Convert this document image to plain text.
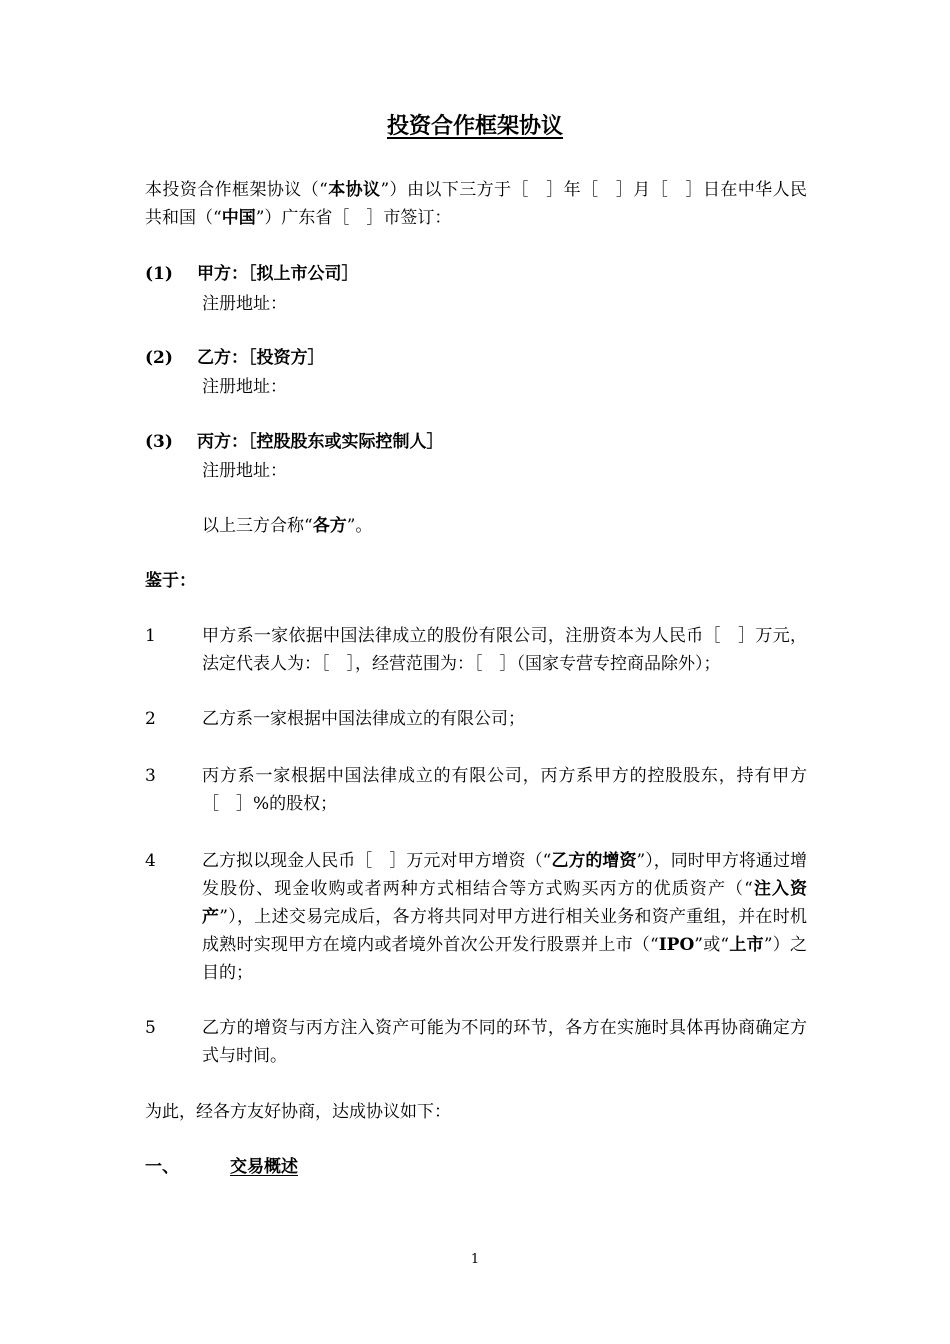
投资合作框架协议
本投资合作框架协议（“本协议”）由以下三方于［　］年［　］月［　］日在中华人民共和国（“中国”）广东省［　］市签订：
(1)	甲方：［拟上市公司］
注册地址：
(2)	乙方：［投资方］
注册地址：
(3)	丙方：［控股股东或实际控制人］
注册地址：
以上三方合称“各方”。
鉴于：
1	甲方系一家依据中国法律成立的股份有限公司，注册资本为人民币［　］万元，法定代表人为：［　］，经营范围为：［　］（国家专营专控商品除外）；
2	乙方系一家根据中国法律成立的有限公司；
3	丙方系一家根据中国法律成立的有限公司，丙方系甲方的控股股东，持有甲方［　］%的股权；
4	乙方拟以现金人民币［　］万元对甲方增资（“乙方的增资”），同时甲方将通过增发股份、现金收购或者两种方式相结合等方式购买丙方的优质资产（“注入资产”），上述交易完成后，各方将共同对甲方进行相关业务和资产重组，并在时机成熟时实现甲方在境内或者境外首次公开发行股票并上市（“IPO”或“上市”）之目的；
5	乙方的增资与丙方注入资产可能为不同的环节，各方在实施时具体再协商确定方式与时间。
为此，经各方友好协商，达成协议如下：
一、	交易概述
1
